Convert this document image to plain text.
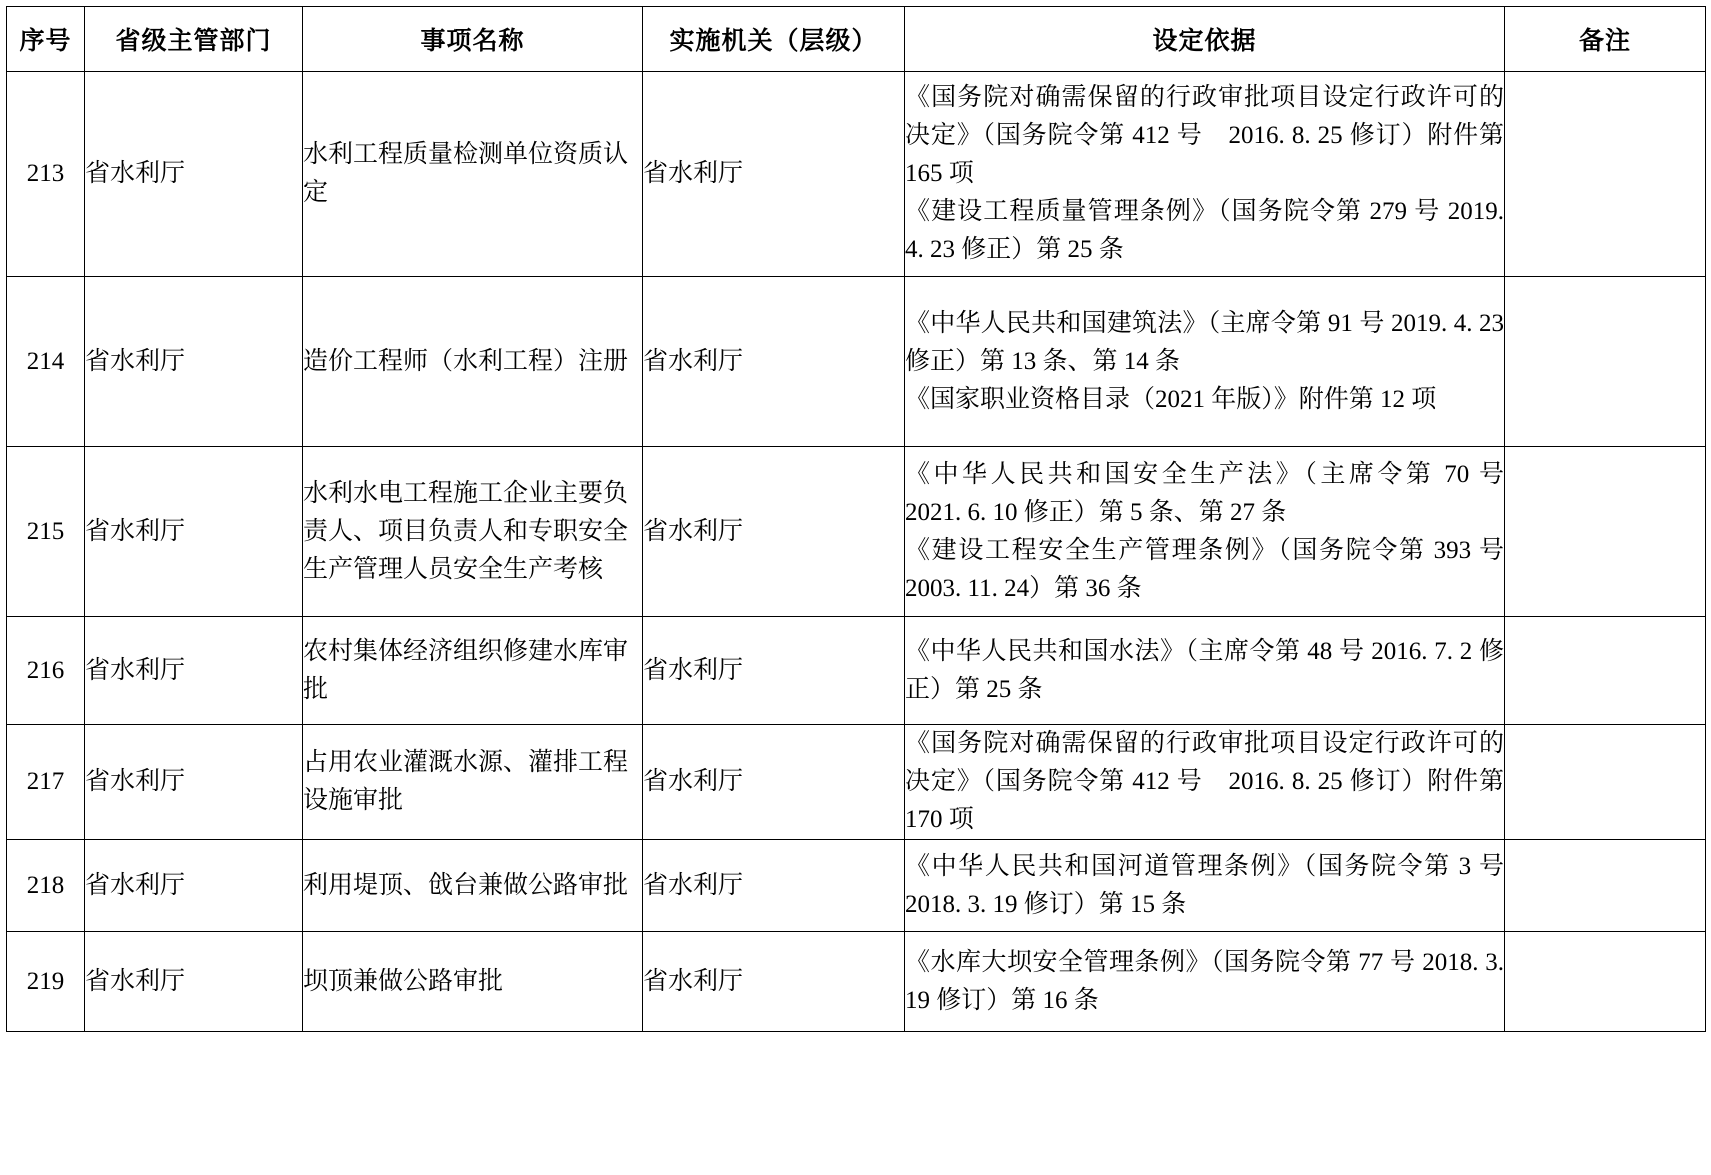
序号	省级主管部门	事项名称	实施机关（层级）	设定依据	备注
213	省水利厅	水利工程质量检测单位资质认定	省水利厅	《国务院对确需保留的行政审批项目设定行政许可的决定》（国务院令第 412 号　2016. 8. 25 修订）附件第 165 项
《建设工程质量管理条例》（国务院令第 279 号 2019. 4. 23 修正）第 25 条	

214	省水利厅	造价工程师（水利工程）注册	省水利厅	《中华人民共和国建筑法》（主席令第 91 号 2019. 4. 23 修正）第 13 条、第 14 条
《国家职业资格目录（2021 年版）》附件第 12 项	

215	省水利厅	水利水电工程施工企业主要负责人、项目负责人和专职安全生产管理人员安全生产考核	省水利厅	《中华人民共和国安全生产法》（主席令第 70 号　2021. 6. 10 修正）第 5 条、第 27 条
《建设工程安全生产管理条例》（国务院令第 393 号　2003. 11. 24）第 36 条	

216	省水利厅	农村集体经济组织修建水库审批	省水利厅	《中华人民共和国水法》（主席令第 48 号 2016. 7. 2 修正）第 25 条	

217	省水利厅	占用农业灌溉水源、灌排工程设施审批	省水利厅	《国务院对确需保留的行政审批项目设定行政许可的决定》（国务院令第 412 号　2016. 8. 25 修订）附件第 170 项	

218	省水利厅	利用堤顶、戗台兼做公路审批	省水利厅	《中华人民共和国河道管理条例》（国务院令第 3 号　2018. 3. 19 修订）第 15 条	

219	省水利厅	坝顶兼做公路审批	省水利厅	《水库大坝安全管理条例》（国务院令第 77 号 2018. 3. 19 修订）第 16 条	
